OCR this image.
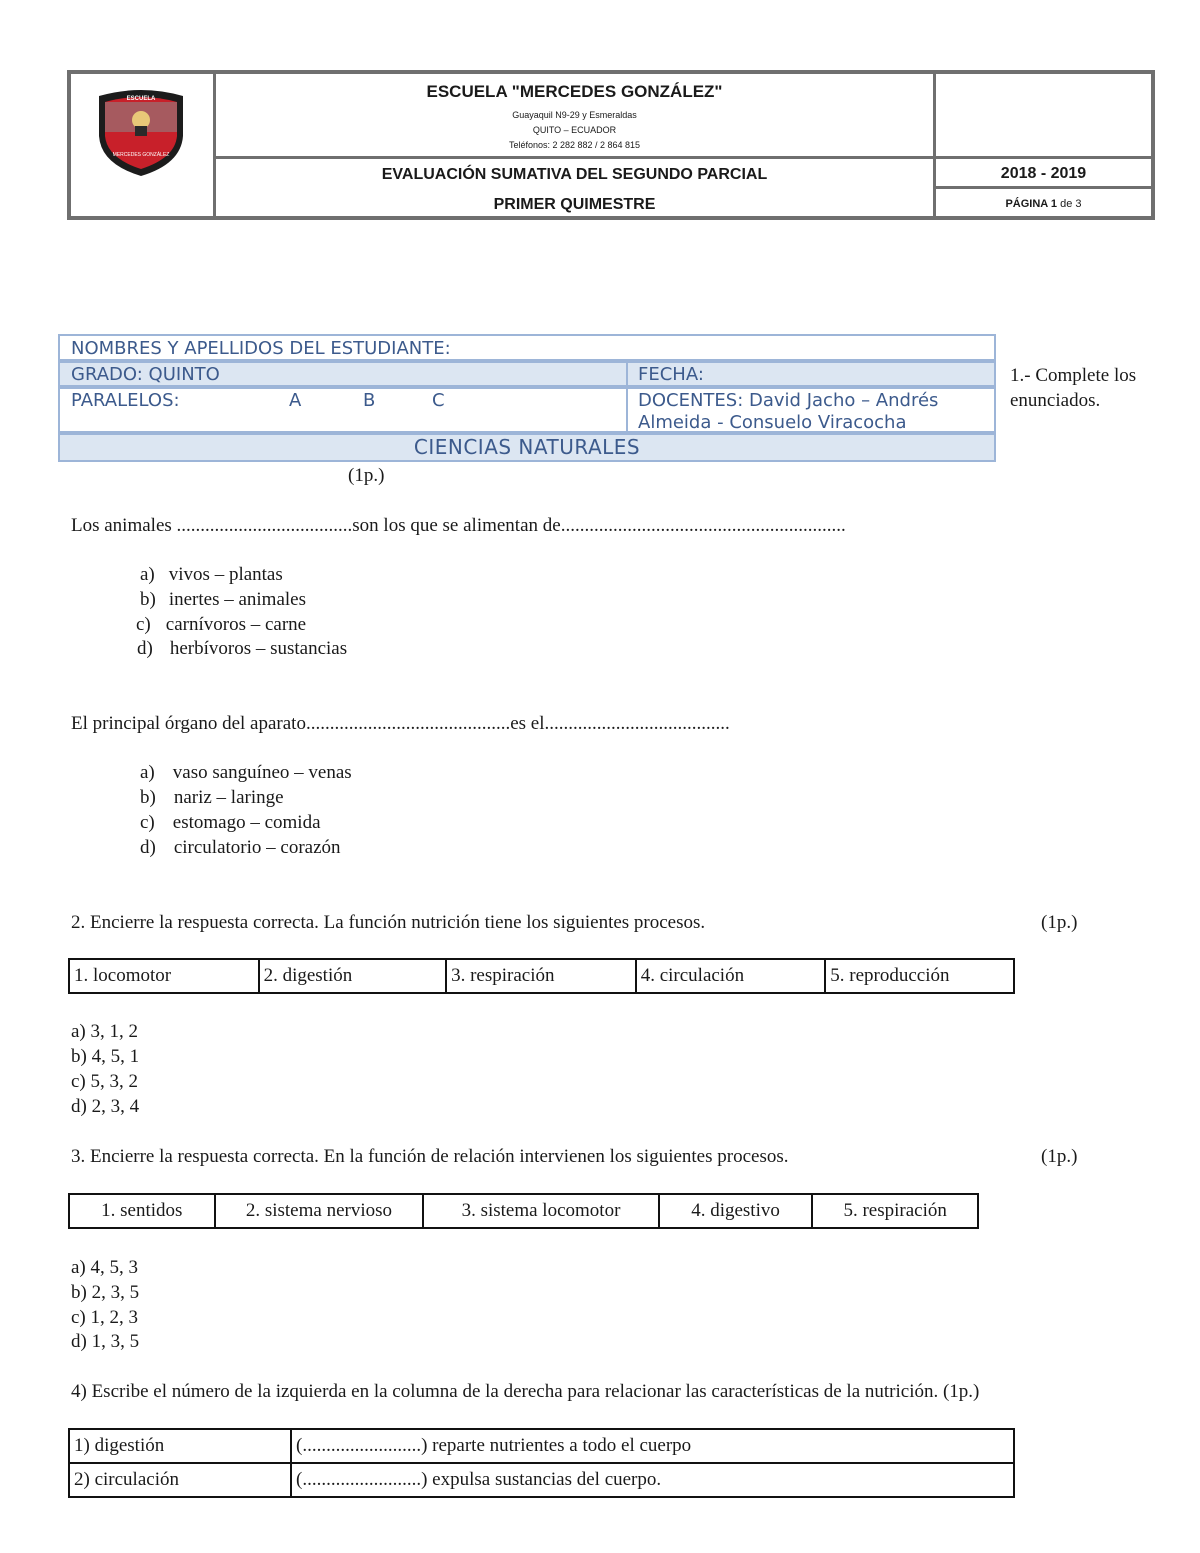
ESCUELA
MERCEDES GONZÁLEZ
ESCUELA "MERCEDES GONZÁLEZ"
Guayaquil N9-29 y Esmeraldas
QUITO – ECUADOR
Teléfonos: 2 282 882 / 2 864 815
EVALUACIÓN SUMATIVA DEL SEGUNDO PARCIAL
PRIMER QUIMESTRE
2018 - 2019
PÁGINA 1 de 3
NOMBRES Y APELLIDOS DEL ESTUDIANTE:
GRADO: QUINTO	FECHA:
PARALELOS:	A	B	C	DOCENTES: David Jacho – Andrés
Almeida - Consuelo Viracocha
CIENCIAS NATURALES
1.- Complete los
enunciados.

(1p.)

Los animales .....................................son los que se alimentan de............................................................

a) vivos – plantas
b) inertes – animales
c) carnívoros – carne
d) herbívoros – sustancias

El principal órgano del aparato...........................................es el.......................................

a) vaso sanguíneo – venas
b) nariz – laringe
c) estomago – comida
d) circulatorio – corazón

2. Encierre la respuesta correcta. La función nutrición tiene los siguientes procesos.	(1p.)

1. locomotor	2. digestión	3. respiración	4. circulación	5. reproducción
a) 3, 1, 2
b) 4, 5, 1
c) 5, 3, 2
d) 2, 3, 4

3. Encierre la respuesta correcta. En la función de relación intervienen los siguientes procesos.	(1p.)

1. sentidos	2. sistema nervioso	3. sistema locomotor	4. digestivo	5. respiración
a) 4, 5, 3
b) 2, 3, 5
c) 1, 2, 3
d) 1, 3, 5

4) Escribe el número de la izquierda en la columna de la derecha para relacionar las características de la nutrición. (1p.)

1) digestión	(.........................) reparte nutrientes a todo el cuerpo
2) circulación	(.........................) expulsa sustancias del cuerpo.
